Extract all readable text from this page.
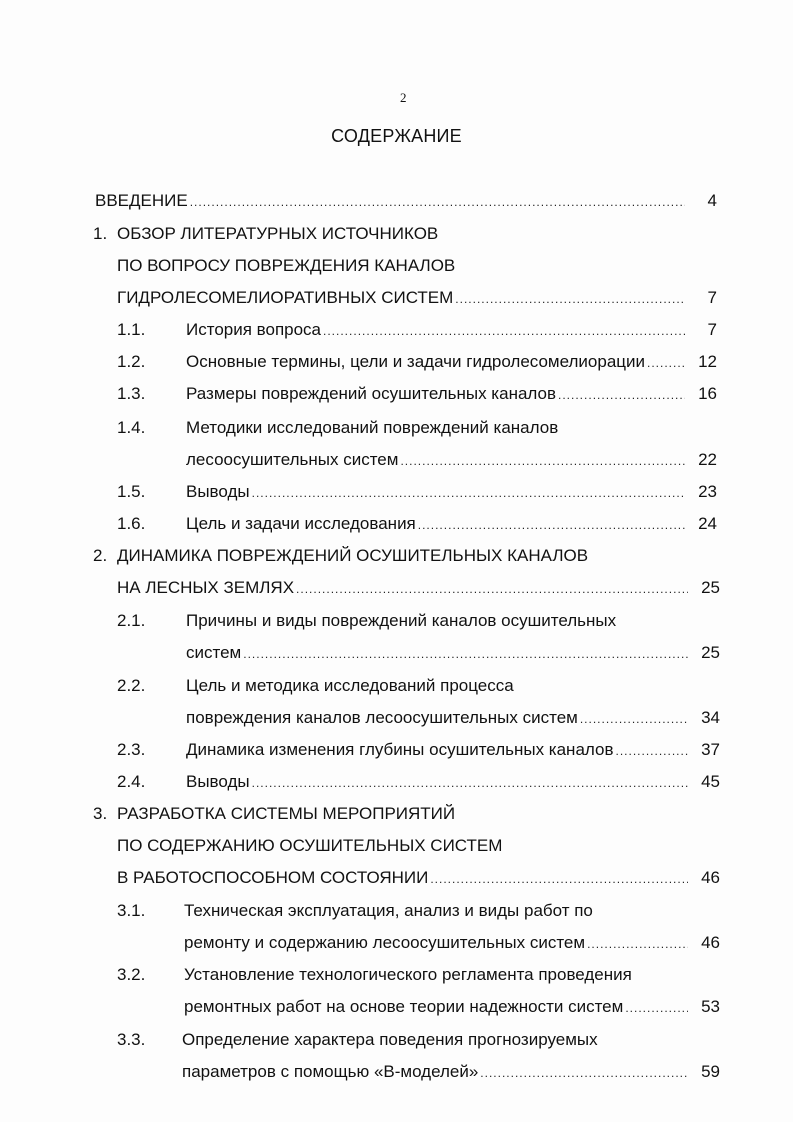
2
СОДЕРЖАНИЕ
ВВЕДЕНИЕ .....	4
1. ОБЗОР ЛИТЕРАТУРНЫХ ИСТОЧНИКОВ
ПО ВОПРОСУ ПОВРЕЖДЕНИЯ КАНАЛОВ
ГИДРОЛЕСОМЕЛИОРАТИВНЫХ СИСТЕМ .....	7
1.1. История вопроса .....	7
1.2. Основные термины, цели и задачи гидролесомелиорации .....	12
1.3. Размеры повреждений осушительных каналов .....	16
1.4. Методики исследований повреждений каналов
лесоосушительных систем .....	22
1.5. Выводы .....	23
1.6. Цель и задачи исследования .....	24
2. ДИНАМИКА ПОВРЕЖДЕНИЙ ОСУШИТЕЛЬНЫХ КАНАЛОВ
НА ЛЕСНЫХ ЗЕМЛЯХ .....	25
2.1. Причины и виды повреждений каналов осушительных
систем .....	25
2.2. Цель и методика исследований процесса
повреждения каналов лесоосушительных систем .....	34
2.3. Динамика изменения глубины осушительных каналов .....	37
2.4. Выводы .....	45
3. РАЗРАБОТКА СИСТЕМЫ МЕРОПРИЯТИЙ
ПО СОДЕРЖАНИЮ ОСУШИТЕЛЬНЫХ СИСТЕМ
В РАБОТОСПОСОБНОМ СОСТОЯНИИ .....	46
3.1. Техническая эксплуатация, анализ и виды работ по
ремонту и содержанию лесоосушительных систем .....	46
3.2. Установление технологического регламента проведения
ремонтных работ на основе теории надежности систем .....	53
3.3. Определение характера поведения прогнозируемых
параметров с помощью «В-моделей» .....	59
